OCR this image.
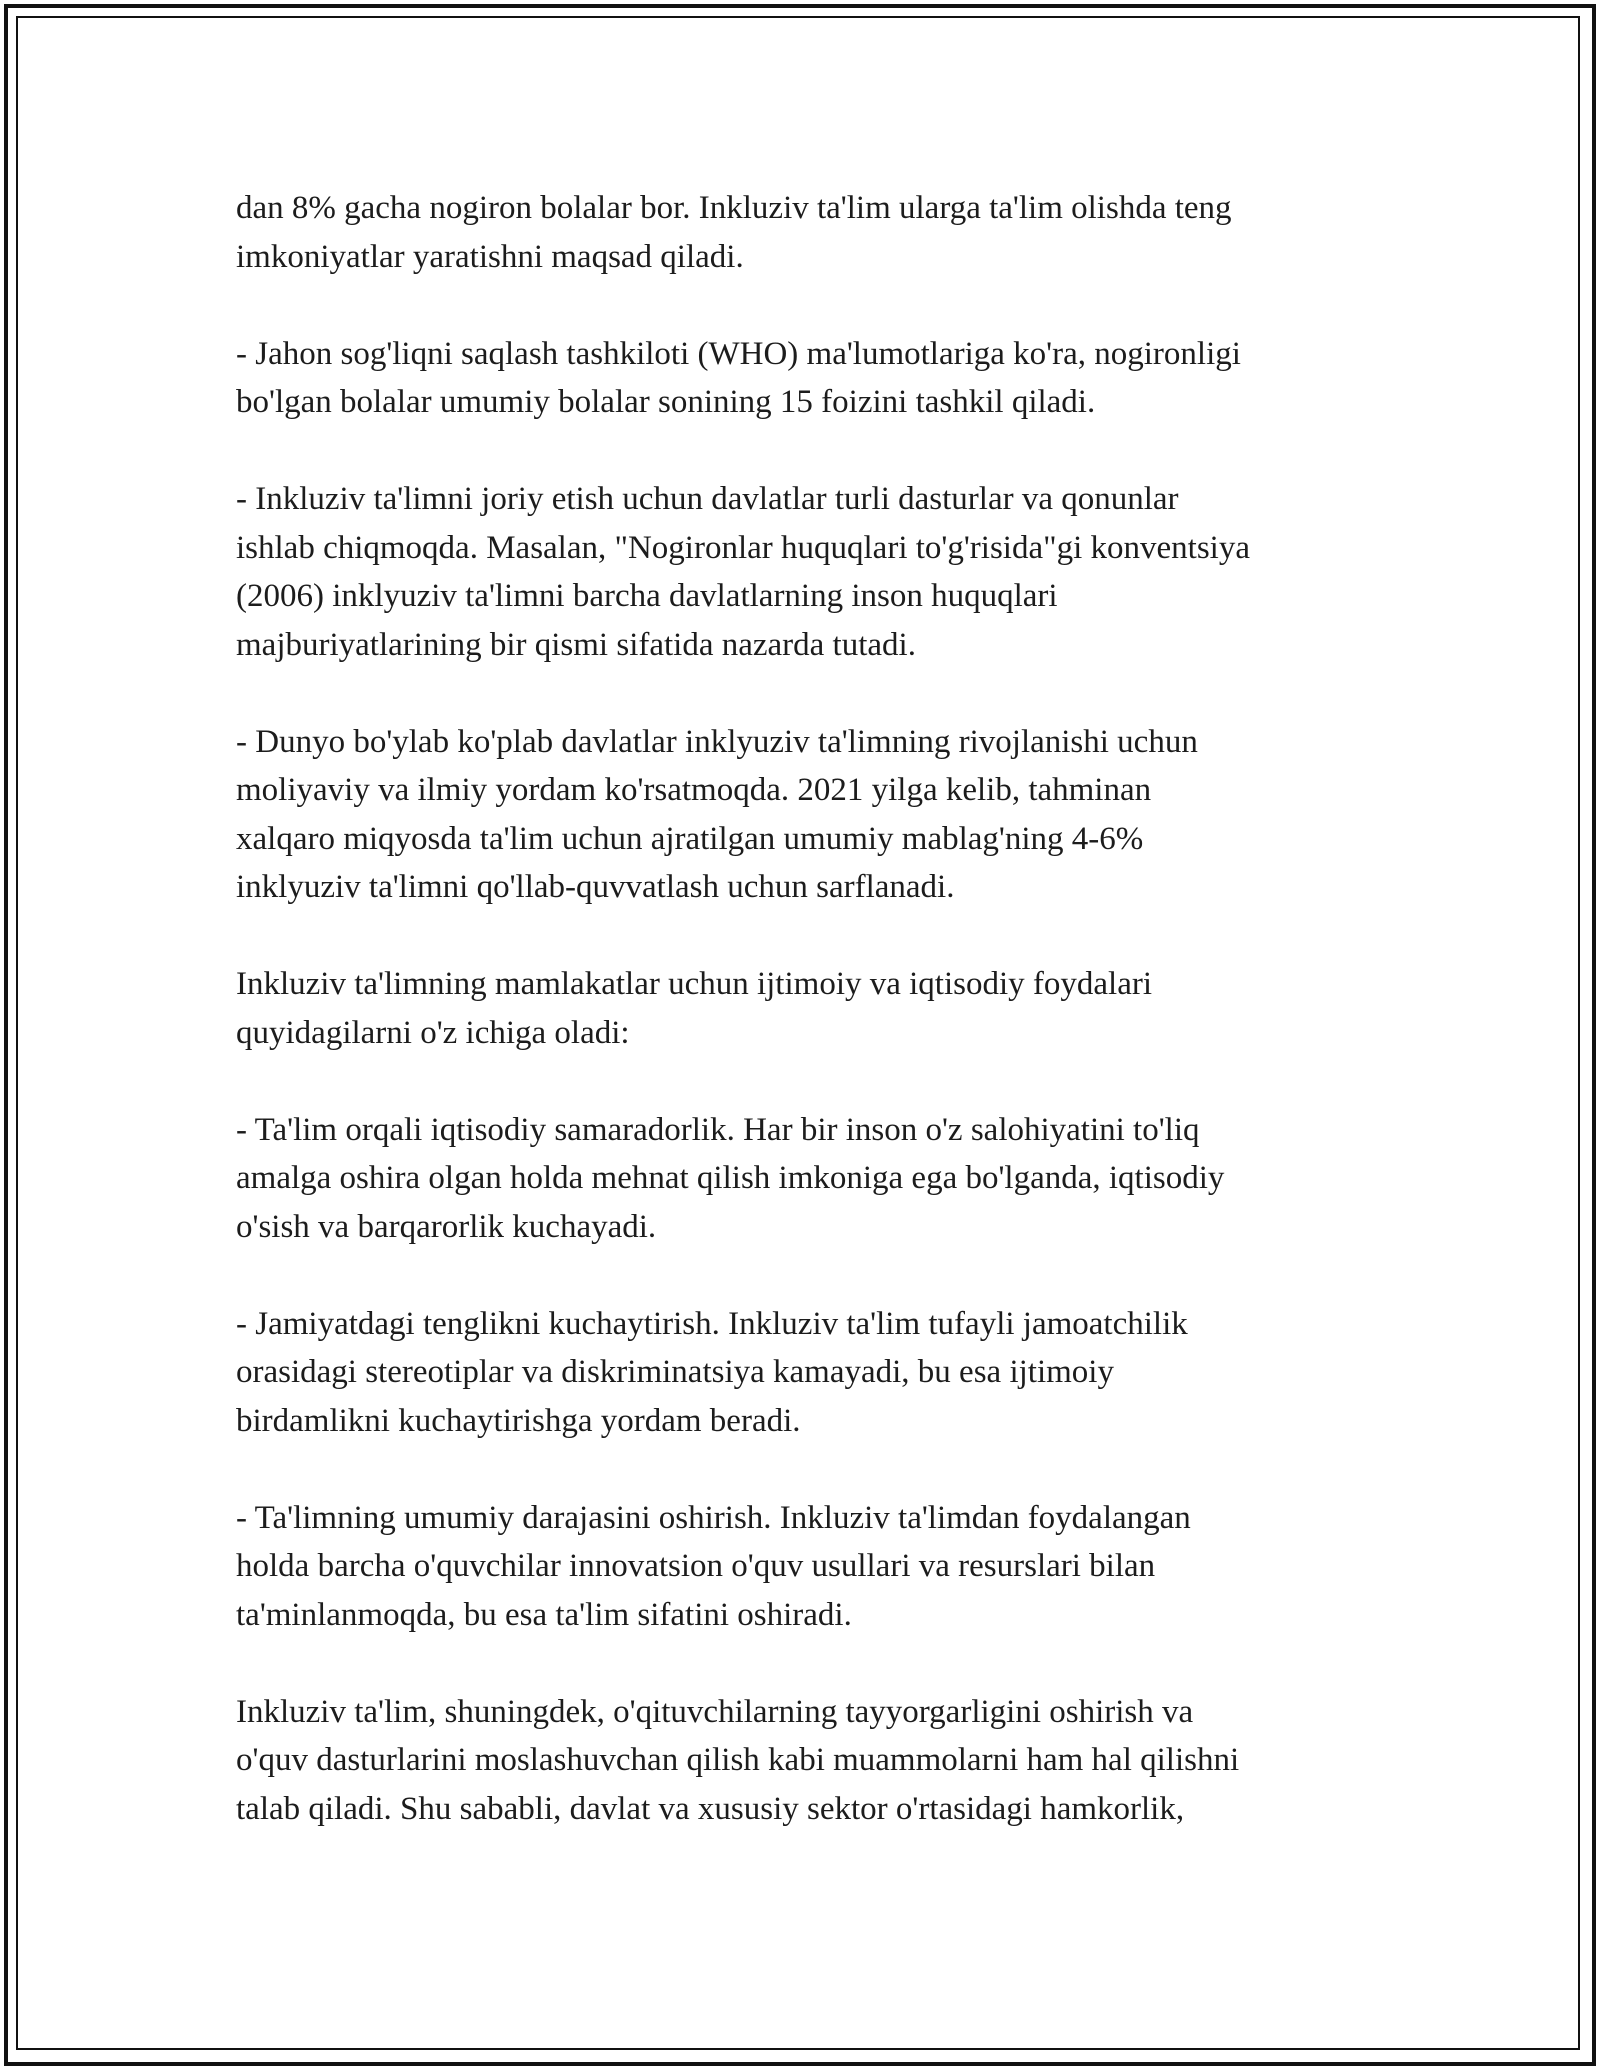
dan 8% gacha nogiron bolalar bor. Inkluziv ta'lim ularga ta'lim olishda teng
imkoniyatlar yaratishni maqsad qiladi.

- Jahon sog'liqni saqlash tashkiloti (WHO) ma'lumotlariga ko'ra, nogironligi
bo'lgan bolalar umumiy bolalar sonining 15 foizini tashkil qiladi.

- Inkluziv ta'limni joriy etish uchun davlatlar turli dasturlar va qonunlar
ishlab chiqmoqda. Masalan, "Nogironlar huquqlari to'g'risida"gi konventsiya
(2006) inklyuziv ta'limni barcha davlatlarning inson huquqlari
majburiyatlarining bir qismi sifatida nazarda tutadi.

- Dunyo bo'ylab ko'plab davlatlar inklyuziv ta'limning rivojlanishi uchun
moliyaviy va ilmiy yordam ko'rsatmoqda. 2021 yilga kelib, tahminan
xalqaro miqyosda ta'lim uchun ajratilgan umumiy mablag'ning 4-6%
inklyuziv ta'limni qo'llab-quvvatlash uchun sarflanadi.

Inkluziv ta'limning mamlakatlar uchun ijtimoiy va iqtisodiy foydalari
quyidagilarni o'z ichiga oladi:

- Ta'lim orqali iqtisodiy samaradorlik. Har bir inson o'z salohiyatini to'liq
amalga oshira olgan holda mehnat qilish imkoniga ega bo'lganda, iqtisodiy
o'sish va barqarorlik kuchayadi.

- Jamiyatdagi tenglikni kuchaytirish. Inkluziv ta'lim tufayli jamoatchilik
orasidagi stereotiplar va diskriminatsiya kamayadi, bu esa ijtimoiy
birdamlikni kuchaytirishga yordam beradi.

- Ta'limning umumiy darajasini oshirish. Inkluziv ta'limdan foydalangan
holda barcha o'quvchilar innovatsion o'quv usullari va resurslari bilan
ta'minlanmoqda, bu esa ta'lim sifatini oshiradi.

Inkluziv ta'lim, shuningdek, o'qituvchilarning tayyorgarligini oshirish va
o'quv dasturlarini moslashuvchan qilish kabi muammolarni ham hal qilishni
talab qiladi. Shu sababli, davlat va xususiy sektor o'rtasidagi hamkorlik,
